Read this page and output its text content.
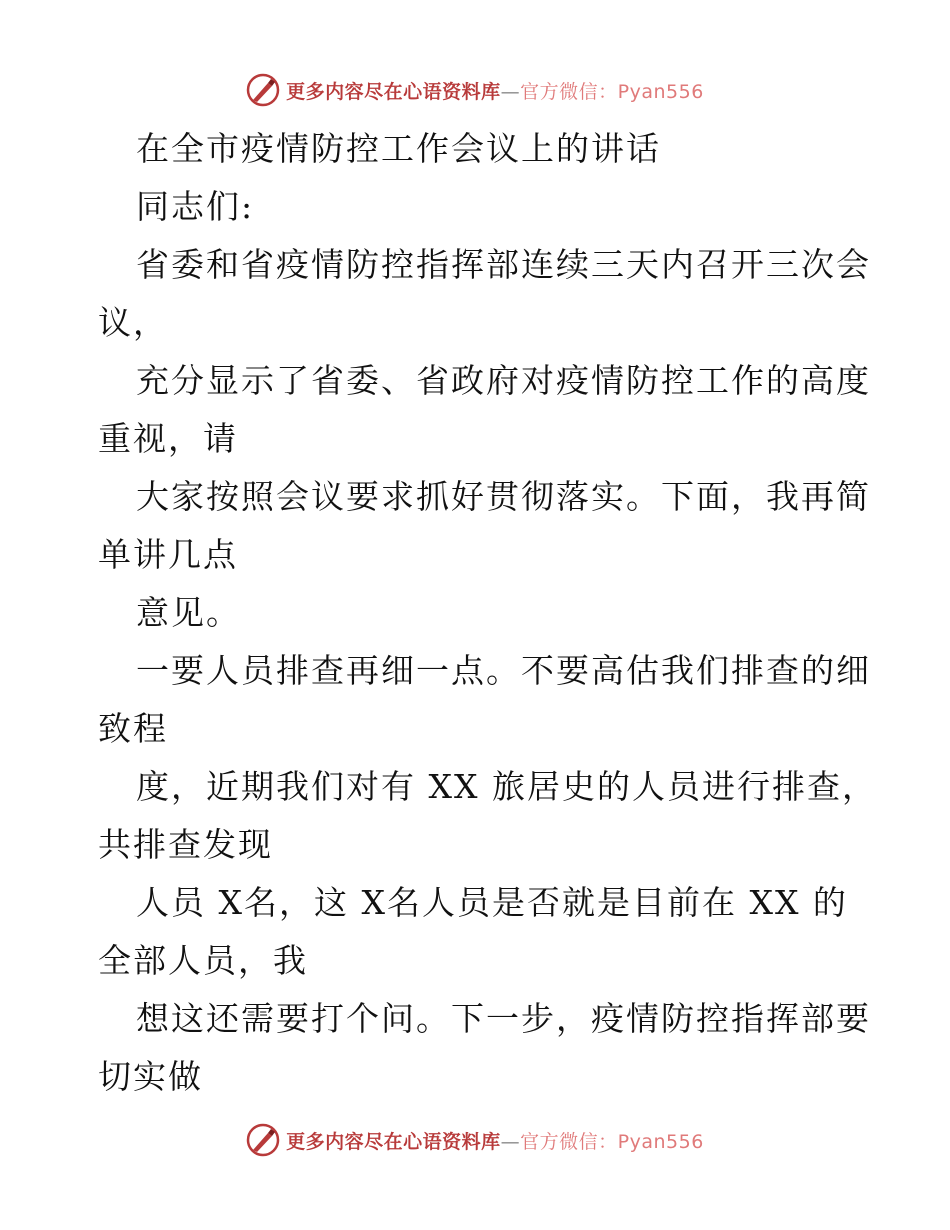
更多内容尽在心语资料库—官方微信：Pyan556
在全市疫情防控工作会议上的讲话
同志们:
省委和省疫情防控指挥部连续三天内召开三次会
议，
充分显示了省委、省政府对疫情防控工作的高度
重视，请
大家按照会议要求抓好贯彻落实。下面，我再简
单讲几点
意见。
一要人员排查再细一点。不要高估我们排查的细
致程
度，近期我们对有 XX 旅居史的人员进行排查，
共排查发现
人员 X名，这 X名人员是否就是目前在 XX 的
全部人员，我
想这还需要打个问。下一步，疫情防控指挥部要
切实做
更多内容尽在心语资料库—官方微信：Pyan556
